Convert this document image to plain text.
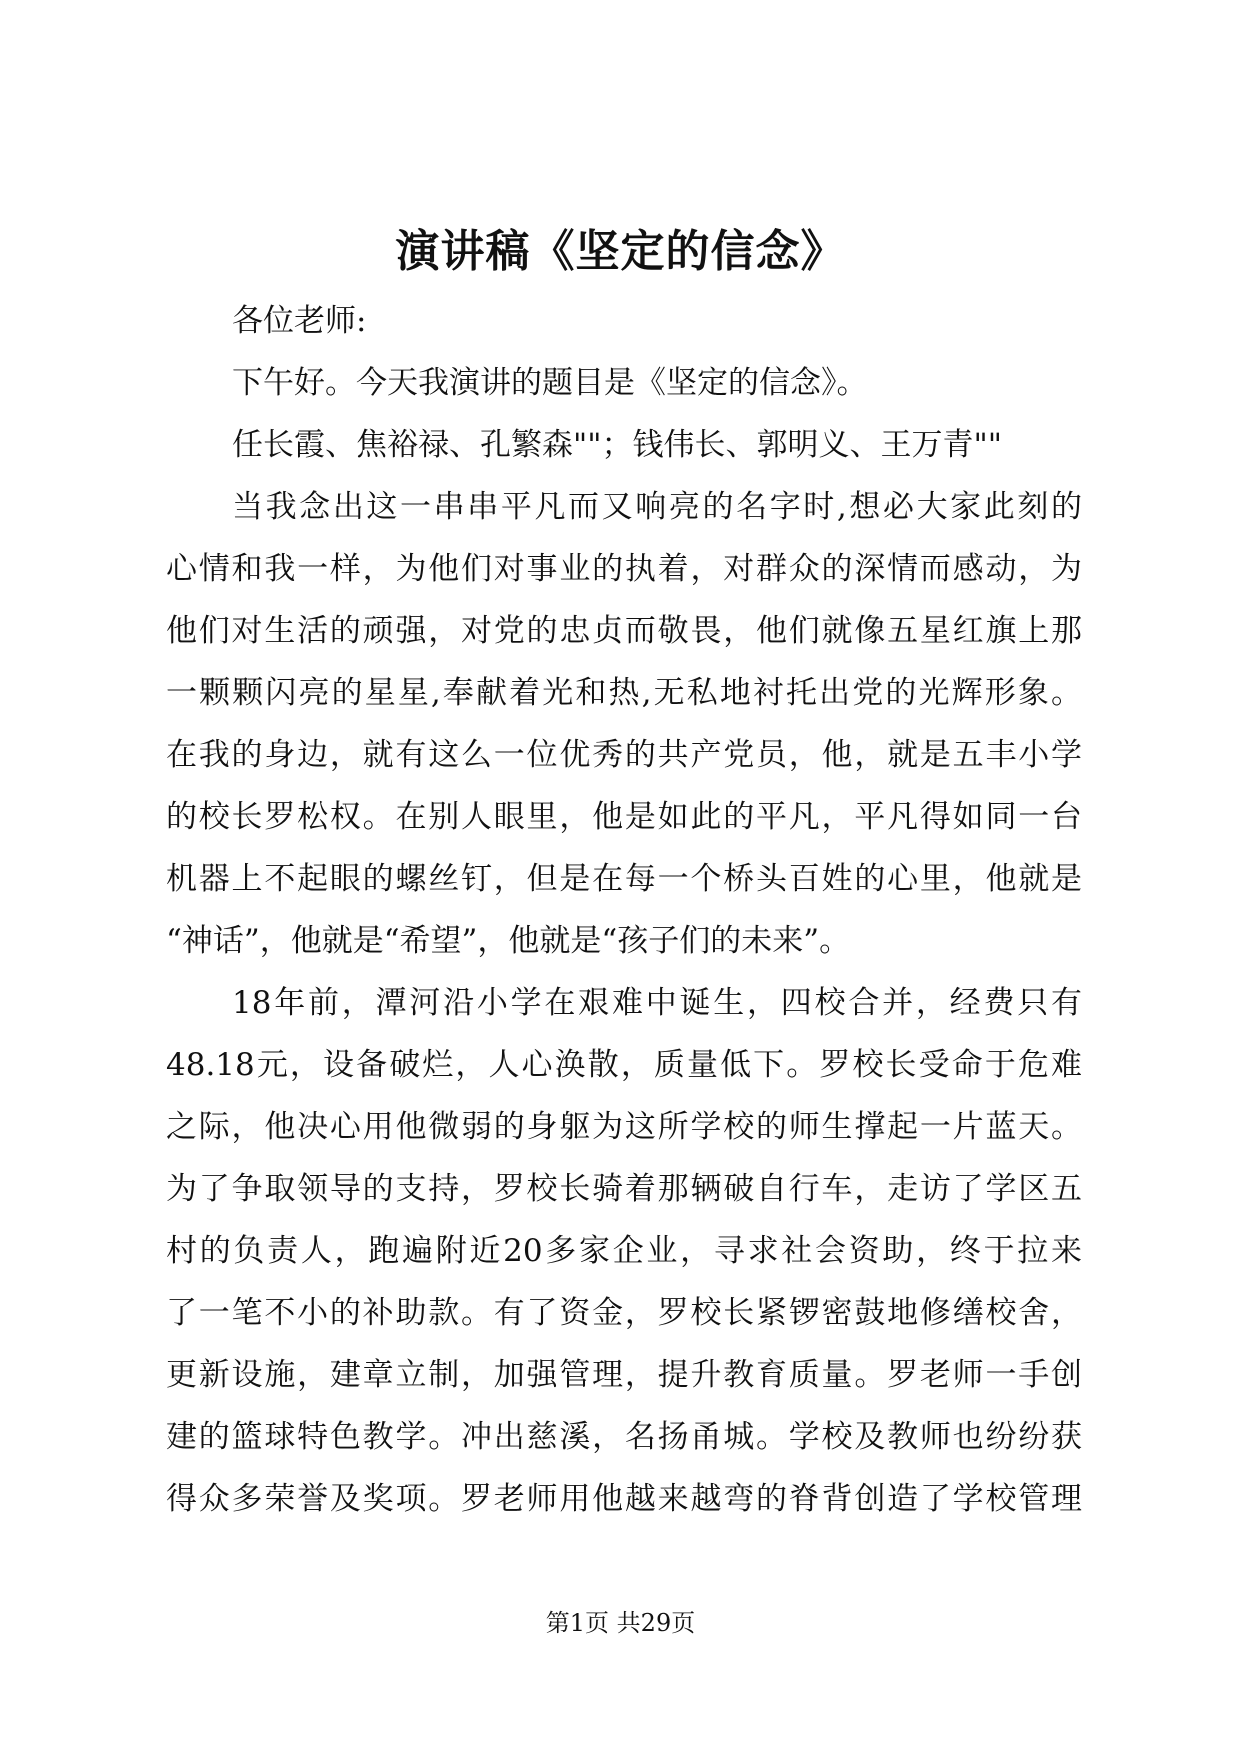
演讲稿《坚定的信念》
各位老师:
下午好。今天我演讲的题目是《坚定的信念》。
任长霞、焦裕禄、孔繁森""；钱伟长、郭明义、王万青""
当我念出这一串串平凡而又响亮的名字时,想必大家此刻的
心情和我一样，为他们对事业的执着，对群众的深情而感动，为
他们对生活的顽强，对党的忠贞而敬畏，他们就像五星红旗上那
一颗颗闪亮的星星,奉献着光和热,无私地衬托出党的光辉形象。
在我的身边，就有这么一位优秀的共产党员，他，就是五丰小学
的校长罗松权。在别人眼里，他是如此的平凡，平凡得如同一台
机器上不起眼的螺丝钉，但是在每一个桥头百姓的心里，他就是
“神话”，他就是“希望”，他就是“孩子们的未来”。
18年前，潭河沿小学在艰难中诞生，四校合并，经费只有
48.18元，设备破烂，人心涣散，质量低下。罗校长受命于危难
之际，他决心用他微弱的身躯为这所学校的师生撑起一片蓝天。
为了争取领导的支持，罗校长骑着那辆破自行车，走访了学区五
村的负责人，跑遍附近20多家企业，寻求社会资助，终于拉来
了一笔不小的补助款。有了资金，罗校长紧锣密鼓地修缮校舍，
更新设施，建章立制，加强管理，提升教育质量。罗老师一手创
建的篮球特色教学。冲出慈溪，名扬甬城。学校及教师也纷纷获
得众多荣誉及奖项。罗老师用他越来越弯的脊背创造了学校管理
第1页 共29页
